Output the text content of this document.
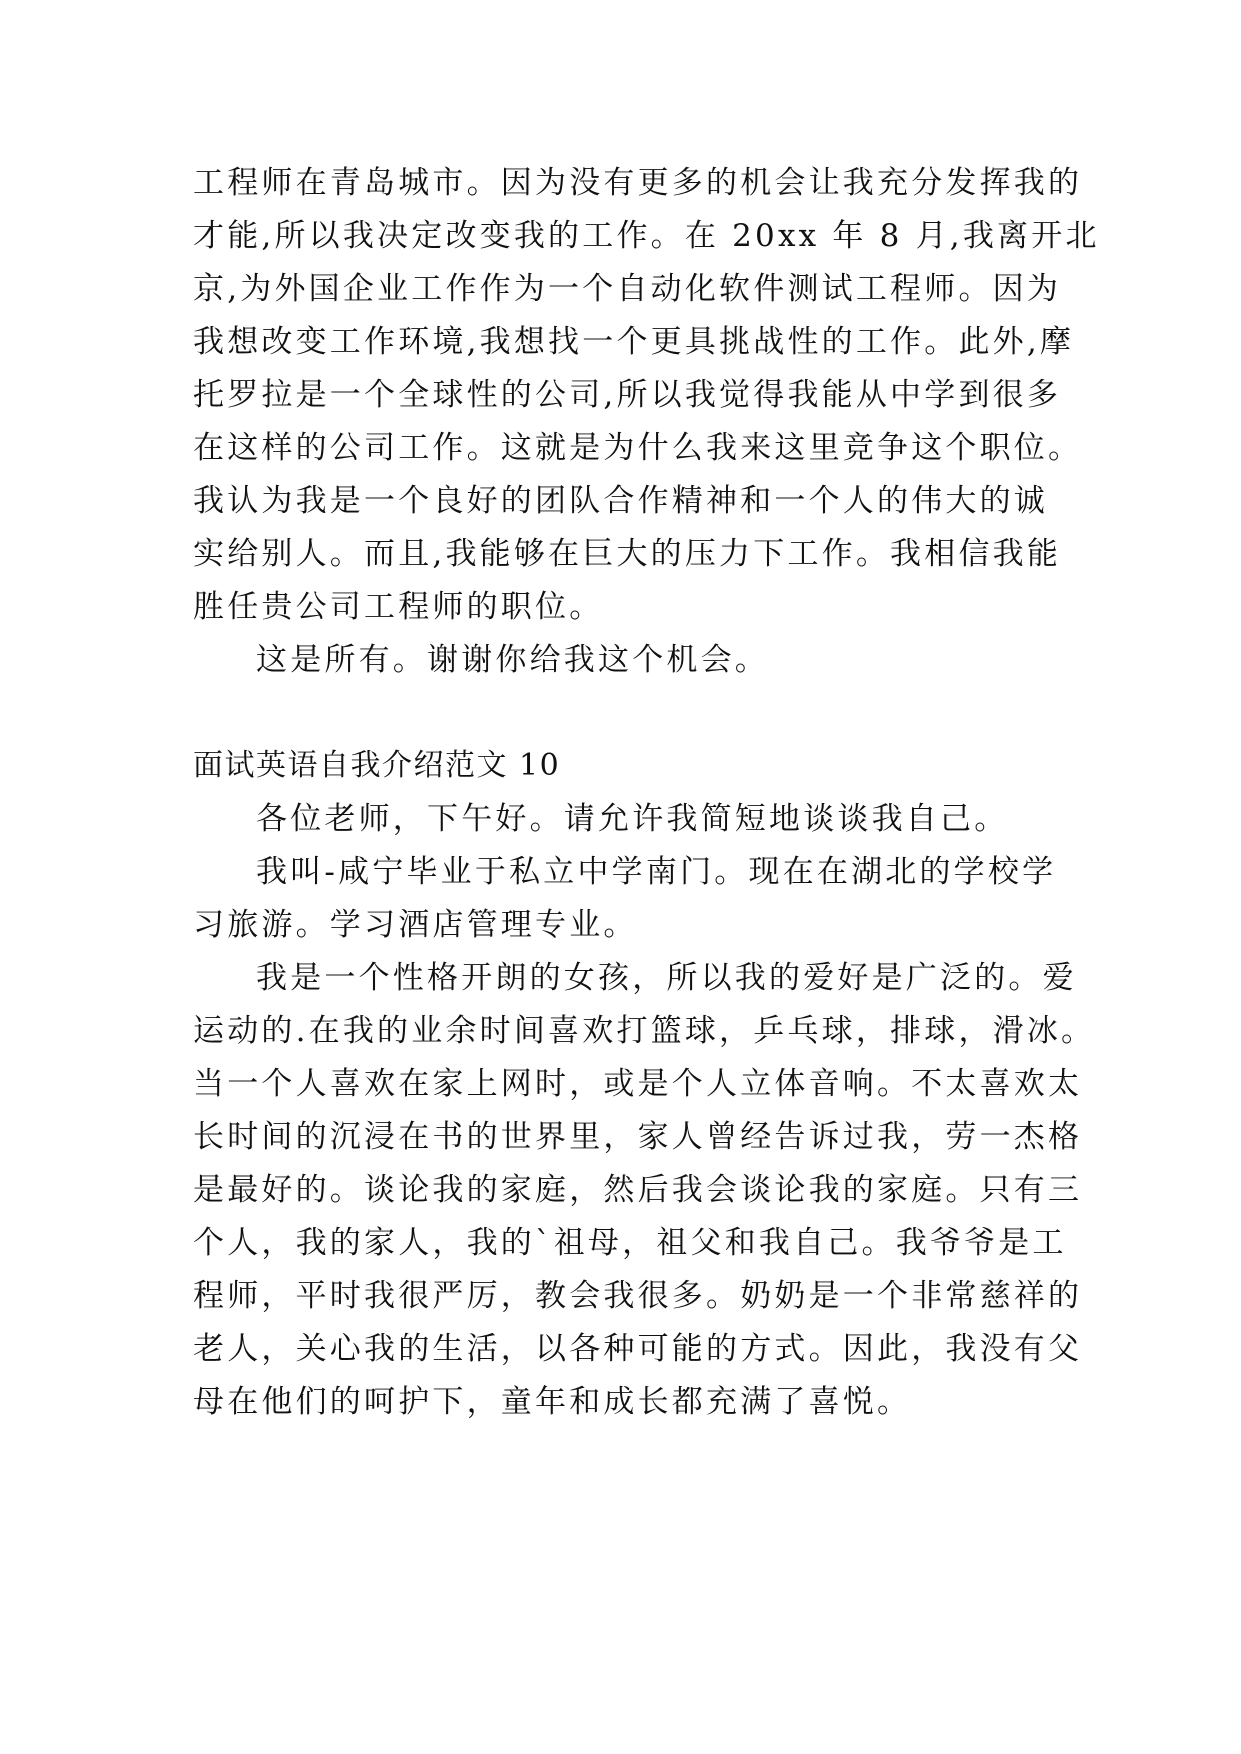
工程师在青岛城市。因为没有更多的机会让我充分发挥我的
才能,所以我决定改变我的工作。在 20xx 年 8 月,我离开北
京,为外国企业工作作为一个自动化软件测试工程师。因为
我想改变工作环境,我想找一个更具挑战性的工作。此外,摩
托罗拉是一个全球性的公司,所以我觉得我能从中学到很多
在这样的公司工作。这就是为什么我来这里竞争这个职位。
我认为我是一个良好的团队合作精神和一个人的伟大的诚
实给别人。而且,我能够在巨大的压力下工作。我相信我能
胜任贵公司工程师的职位。
这是所有。谢谢你给我这个机会。
面试英语自我介绍范文 10
各位老师，下午好。请允许我简短地谈谈我自己。
我叫-咸宁毕业于私立中学南门。现在在湖北的学校学
习旅游。学习酒店管理专业。
我是一个性格开朗的女孩，所以我的爱好是广泛的。爱
运动的.在我的业余时间喜欢打篮球，乒乓球，排球，滑冰。
当一个人喜欢在家上网时，或是个人立体音响。不太喜欢太
长时间的沉浸在书的世界里，家人曾经告诉过我，劳一杰格
是最好的。谈论我的家庭，然后我会谈论我的家庭。只有三
个人，我的家人，我的`祖母，祖父和我自己。我爷爷是工
程师，平时我很严厉，教会我很多。奶奶是一个非常慈祥的
老人，关心我的生活，以各种可能的方式。因此，我没有父
母在他们的呵护下，童年和成长都充满了喜悦。
